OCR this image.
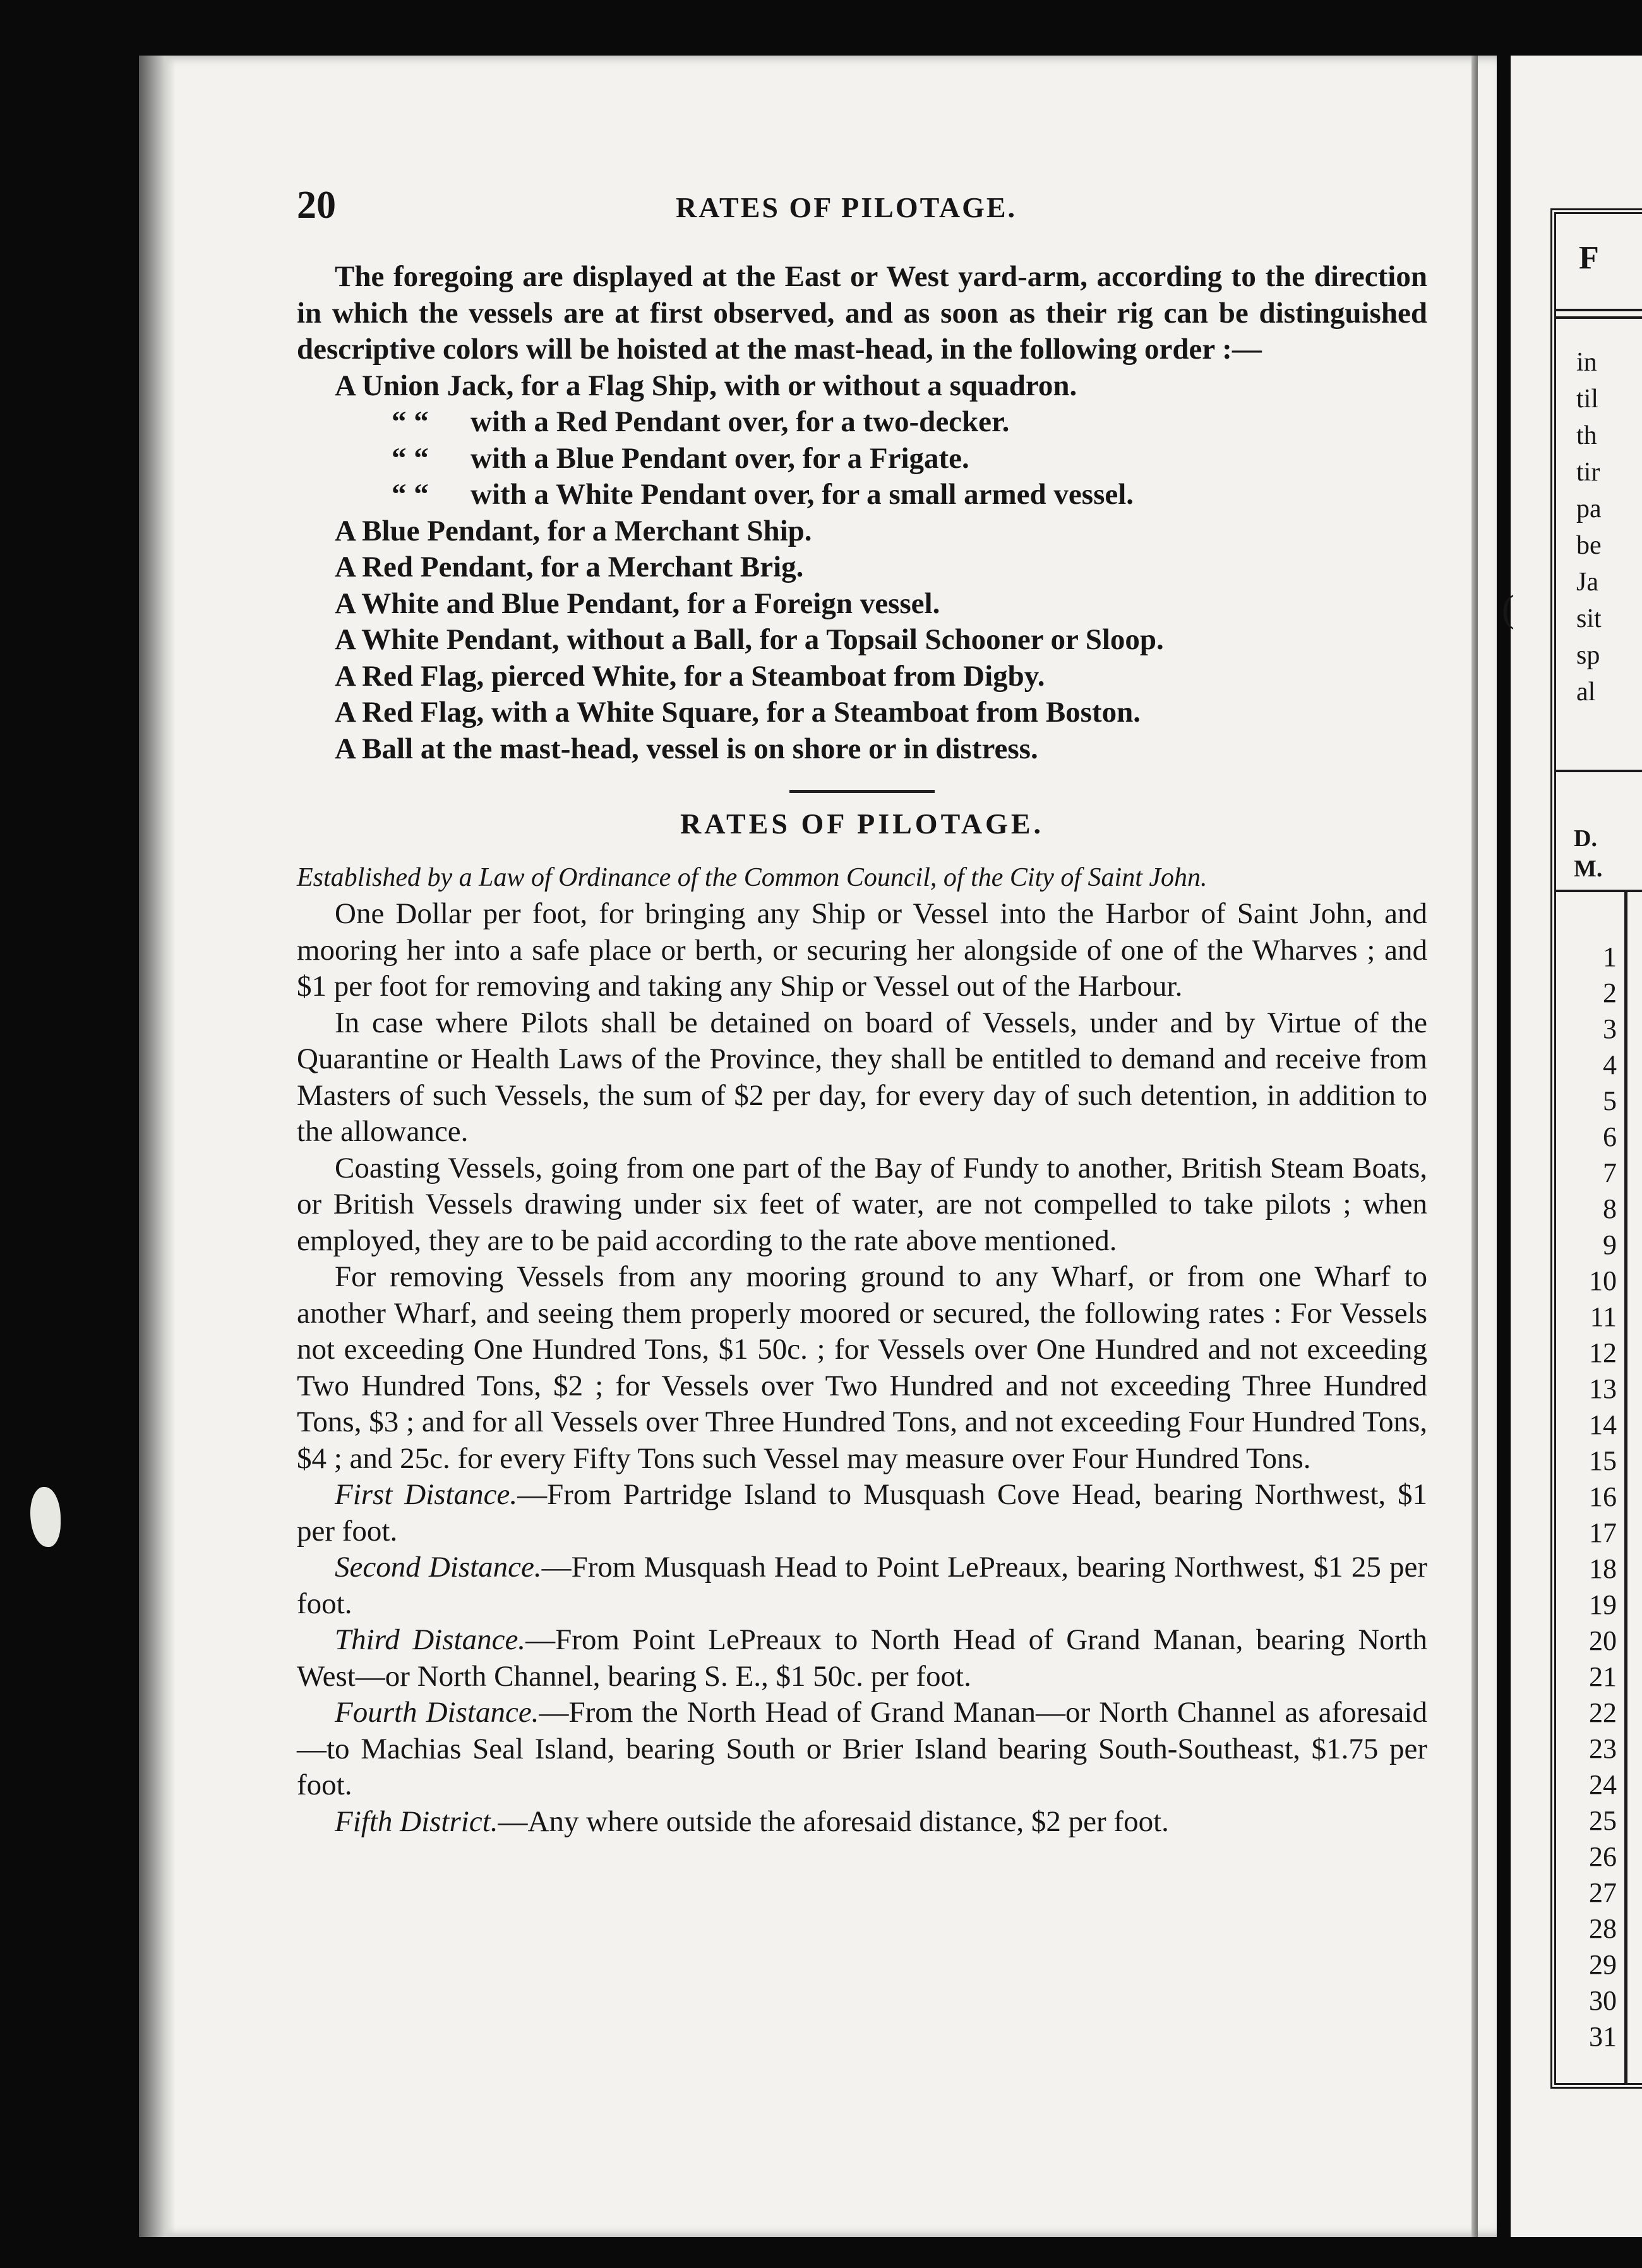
(
F
in
til
th
tir
pa
be
Ja
sit
sp
al
D.
M.
1
2
3
4
5
6
7
8
9
10
11
12
13
14
15
16
17
18
19
20
21
22
23
24
25
26
27
28
29
30
31
20	RATES OF PILOTAGE.

The foregoing are displayed at the East or West yard-arm, according to the direction in which the vessels are at first observed, and as soon as their rig can be distinguished descriptive colors will be hoisted at the mast-head, in the following order :—

A Union Jack, for a Flag Ship, with or without a squadron.
“ “ with a Red Pendant over, for a two-decker.
“ “ with a Blue Pendant over, for a Frigate.
“ “ with a White Pendant over, for a small armed vessel.
A Blue Pendant, for a Merchant Ship.
A Red Pendant, for a Merchant Brig.
A White and Blue Pendant, for a Foreign vessel.
A White Pendant, without a Ball, for a Topsail Schooner or Sloop.
A Red Flag, pierced White, for a Steamboat from Digby.
A Red Flag, with a White Square, for a Steamboat from Boston.
A Ball at the mast-head, vessel is on shore or in distress.
RATES OF PILOTAGE.

Established by a Law of Ordinance of the Common Council, of the City of Saint John.

One Dollar per foot, for bringing any Ship or Vessel into the Harbor of Saint John, and mooring her into a safe place or berth, or securing her alongside of one of the Wharves ; and $1 per foot for removing and taking any Ship or Vessel out of the Harbour.

In case where Pilots shall be detained on board of Vessels, under and by Virtue of the Quarantine or Health Laws of the Province, they shall be entitled to demand and receive from Masters of such Vessels, the sum of $2 per day, for every day of such detention, in addition to the allowance.

Coasting Vessels, going from one part of the Bay of Fundy to another, British Steam Boats, or British Vessels drawing under six feet of water, are not compelled to take pilots ; when employed, they are to be paid according to the rate above mentioned.

For removing Vessels from any mooring ground to any Wharf, or from one Wharf to another Wharf, and seeing them properly moored or secured, the following rates : For Vessels not exceeding One Hundred Tons, $1 50c. ; for Vessels over One Hundred and not exceeding Two Hundred Tons, $2 ; for Vessels over Two Hundred and not exceeding Three Hundred Tons, $3 ; and for all Vessels over Three Hundred Tons, and not exceeding Four Hundred Tons, $4 ; and 25c. for every Fifty Tons such Vessel may measure over Four Hundred Tons.

First Distance.—From Partridge Island to Musquash Cove Head, bearing Northwest, $1 per foot.

Second Distance.—From Musquash Head to Point LePreaux, bearing Northwest, $1 25 per foot.

Third Distance.—From Point LePreaux to North Head of Grand Manan, bearing North West—or North Channel, bearing S. E., $1 50c. per foot.

Fourth Distance.—From the North Head of Grand Manan—or North Channel as aforesaid—to Machias Seal Island, bearing South or Brier Island bearing South-Southeast, $1.75 per foot.

Fifth District.—Any where outside the aforesaid distance, $2 per foot.
